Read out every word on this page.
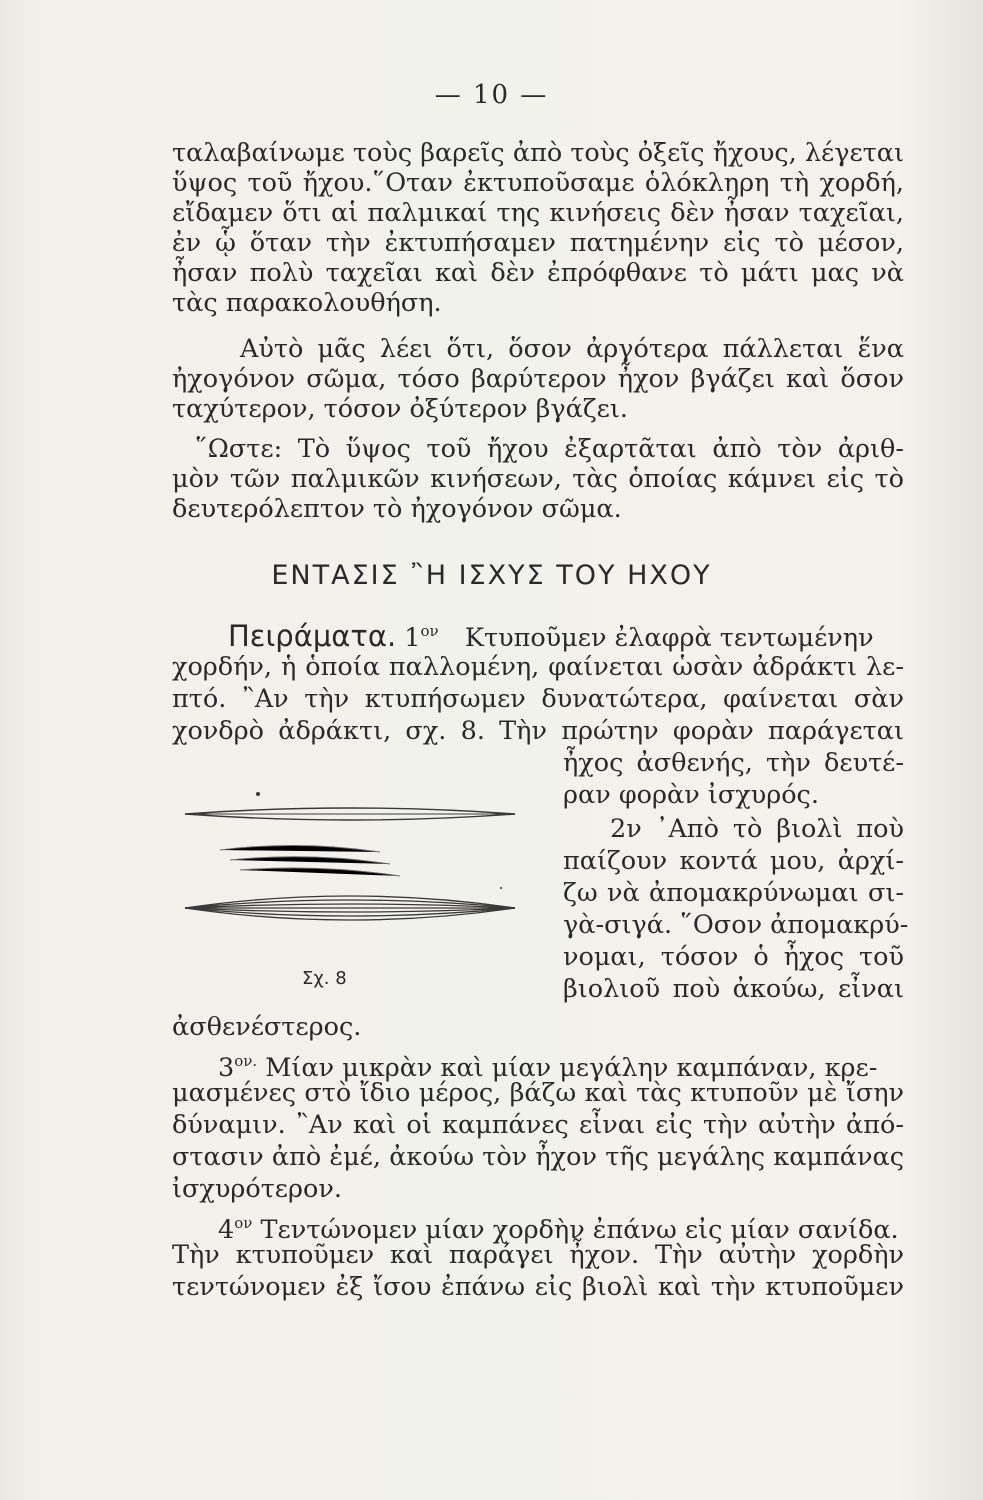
— 10 —
ταλαβαίνωμε τοὺς βαρεῖς ἀπὸ τοὺς ὀξεῖς ἤχους, λέγεται
ὕψος τοῦ ἤχου.῞Οταν ἐκτυποῦσαμε ὁλόκληρη τὴ χορδή,
εἴδαμεν ὅτι αἱ παλμικαί της κινήσεις δὲν ἦσαν ταχεῖαι,
ἐν ᾧ ὅταν τὴν ἐκτυπήσαμεν πατημένην εἰς τὸ μέσον,
ἦσαν πολὺ ταχεῖαι καὶ δὲν ἐπρόφθανε τὸ μάτι μας νὰ
τὰς παρακολουθήση.
Αὐτὸ μᾶς λέει ὅτι, ὅσον ἀργότερα πάλλεται ἕνα
ἠχογόνον σῶμα, τόσο βαρύτερον ἦχον βγάζει καὶ ὅσον
ταχύτερον, τόσον ὀξύτερον βγάζει.
῞Ωστε: Τὸ ὕψος τοῦ ἤχου ἐξαρτᾶται ἀπὸ τὸν ἀριθ-
μὸν τῶν παλμικῶν κινήσεων, τὰς ὁποίας κάμνει εἰς τὸ
δευτερόλεπτον τὸ ἠχογόνον σῶμα.
ΕΝΤΑΣΙΣ ῍Η ΙΣΧΥΣ ΤΟΥ ΗΧΟΥ
Πειράματα. $1^{o\nu}$ Κτυποῦμεν ἐλαφρὰ τεντωμένην
χορδήν, ἡ ὁποία παλλομένη, φαίνεται ὡσὰν ἀδράκτι λε-
πτό. ῍Αν τὴν κτυπήσωμεν δυνατώτερα, φαίνεται σὰν
χονδρὸ ἀδράκτι, σχ. 8. Τὴν πρώτην φορὰν παράγεται
ἦχος ἀσθενής, τὴν δευτέ-
ραν φορὰν ἰσχυρός.
2ν ᾽Απὸ τὸ βιολὶ ποὺ
παίζουν κοντά μου, ἀρχί-
ζω νὰ ἀπομακρύνωμαι σι-
γὰ-σιγά. ῞Οσον ἀπομακρύ-
νομαι, τόσον ὁ ἦχος τοῦ
βιολιοῦ ποὺ ἀκούω, εἶναι
Σχ. 8
ἀσθενέστερος.
$3^{o\nu.}$ Μίαν μικρὰν καὶ μίαν μεγάλην καμπάναν, κρε-
μασμένες στὸ ἴδιο μέρος, βάζω καὶ τὰς κτυποῦν μὲ ἴσην
δύναμιν. ῍Αν καὶ οἱ καμπάνες εἶναι εἰς τὴν αὐτὴν ἀπό-
στασιν ἀπὸ ἐμέ, ἀκούω τὸν ἦχον τῆς μεγάλης καμπάνας
ἰσχυρότερον.
$4^{o\nu}$ Τεντώνομεν μίαν χορδὴν ἐπάνω εἰς μίαν σανίδα.
Τὴν κτυποῦμεν καὶ παράγει ἦχον. Τὴν αὐτὴν χορδὴν
τεντώνομεν ἐξ ἴσου ἐπάνω εἰς βιολὶ καὶ τὴν κτυποῦμεν
